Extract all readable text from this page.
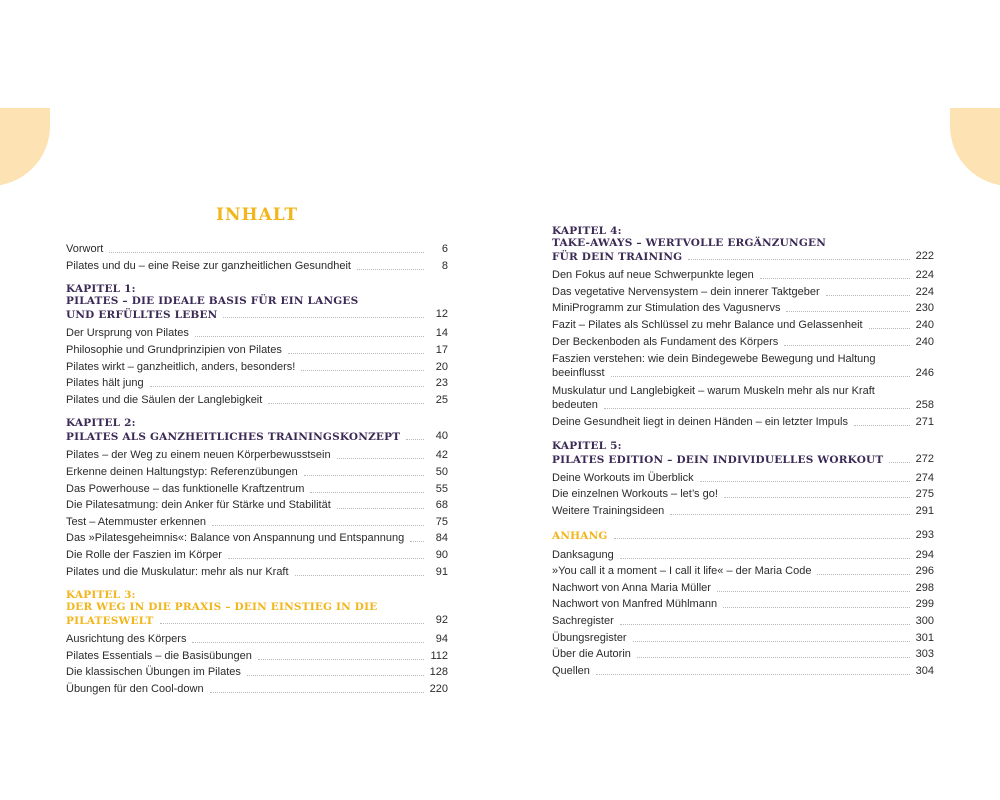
INHALT
Vorwort	6
Pilates und du – eine Reise zur ganzheitlichen Gesundheit	8
KAPITEL 1:
PILATES – DIE IDEALE BASIS FÜR EIN LANGES
UND ERFÜLLTES LEBEN	12
Der Ursprung von Pilates	14
Philosophie und Grundprinzipien von Pilates	17
Pilates wirkt – ganzheitlich, anders, besonders!	20
Pilates hält jung	23
Pilates und die Säulen der Langlebigkeit	25
KAPITEL 2:
PILATES ALS GANZHEITLICHES TRAININGSKONZEPT	40
Pilates – der Weg zu einem neuen Körperbewusstsein	42
Erkenne deinen Haltungstyp: Referenzübungen	50
Das Powerhouse – das funktionelle Kraftzentrum	55
Die Pilatesatmung: dein Anker für Stärke und Stabilität	68
Test – Atemmuster erkennen	75
Das »Pilatesgeheimnis«: Balance von Anspannung und Entspannung	84
Die Rolle der Faszien im Körper	90
Pilates und die Muskulatur: mehr als nur Kraft	91
KAPITEL 3:
DER WEG IN DIE PRAXIS – DEIN EINSTIEG IN DIE
PILATESWELT	92
Ausrichtung des Körpers	94
Pilates Essentials – die Basisübungen	112
Die klassischen Übungen im Pilates	128
Übungen für den Cool-down	220
KAPITEL 4:
TAKE-AWAYS – WERTVOLLE ERGÄNZUNGEN
FÜR DEIN TRAINING	222
Den Fokus auf neue Schwerpunkte legen	224
Das vegetative Nervensystem – dein innerer Taktgeber	224
MiniProgramm zur Stimulation des Vagusnervs	230
Fazit – Pilates als Schlüssel zu mehr Balance und Gelassenheit	240
Der Beckenboden als Fundament des Körpers	240
Faszien verstehen: wie dein Bindegewebe Bewegung und Haltung
beeinflusst	246
Muskulatur und Langlebigkeit – warum Muskeln mehr als nur Kraft
bedeuten	258
Deine Gesundheit liegt in deinen Händen – ein letzter Impuls	271
KAPITEL 5:
PILATES EDITION – DEIN INDIVIDUELLES WORKOUT	272
Deine Workouts im Überblick	274
Die einzelnen Workouts – let’s go!	275
Weitere Trainingsideen	291
ANHANG	293
Danksagung	294
»You call it a moment – I call it life« – der Maria Code	296
Nachwort von Anna Maria Müller	298
Nachwort von Manfred Mühlmann	299
Sachregister	300
Übungsregister	301
Über die Autorin	303
Quellen	304
